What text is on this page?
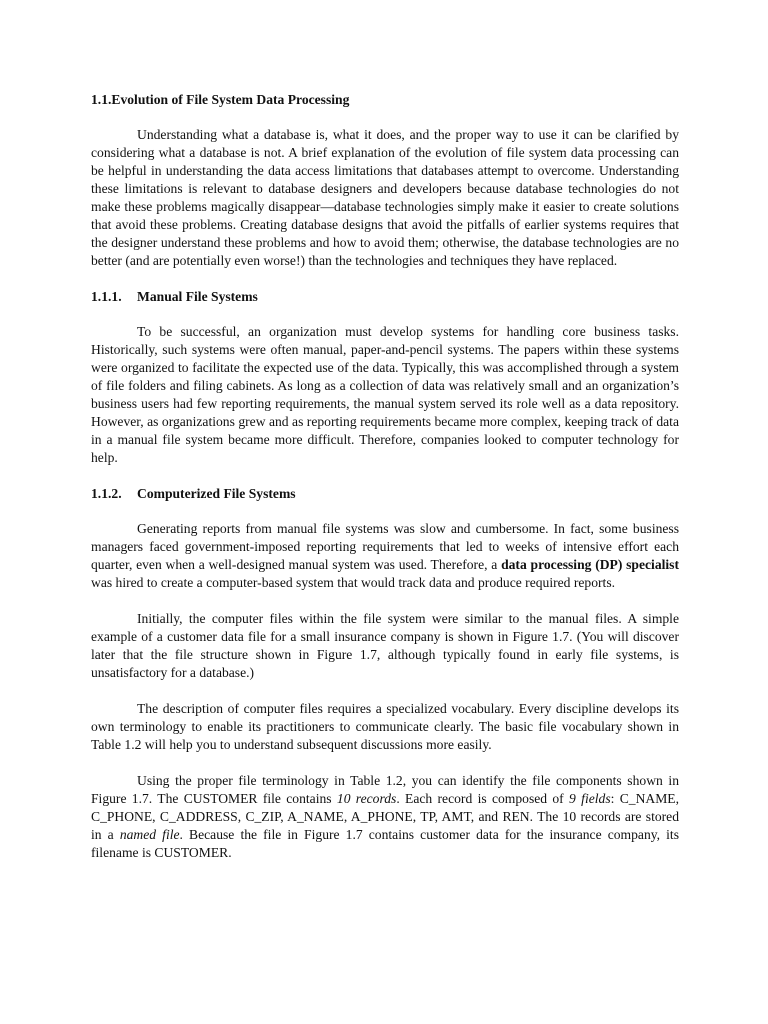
1.1.Evolution of File System Data Processing

Understanding what a database is, what it does, and the proper way to use it can be clarified by considering what a database is not. A brief explanation of the evolution of file system data processing can be helpful in understanding the data access limitations that databases attempt to overcome. Understanding these limitations is relevant to database designers and developers because database technologies do not make these problems magically disappear—database technologies simply make it easier to create solutions that avoid these problems. Creating database designs that avoid the pitfalls of earlier systems requires that the designer understand these problems and how to avoid them; otherwise, the database technologies are no better (and are potentially even worse!) than the technologies and techniques they have replaced.

1.1.1. Manual File Systems

To be successful, an organization must develop systems for handling core business tasks. Historically, such systems were often manual, paper-and-pencil systems. The papers within these systems were organized to facilitate the expected use of the data. Typically, this was accomplished through a system of file folders and filing cabinets. As long as a collection of data was relatively small and an organization’s business users had few reporting requirements, the manual system served its role well as a data repository. However, as organizations grew and as reporting requirements became more complex, keeping track of data in a manual file system became more difficult. Therefore, companies looked to computer technology for help.

1.1.2. Computerized File Systems

Generating reports from manual file systems was slow and cumbersome. In fact, some business managers faced government-imposed reporting requirements that led to weeks of intensive effort each quarter, even when a well-designed manual system was used. Therefore, a data processing (DP) specialist was hired to create a computer-based system that would track data and produce required reports.

Initially, the computer files within the file system were similar to the manual files. A simple example of a customer data file for a small insurance company is shown in Figure 1.7. (You will discover later that the file structure shown in Figure 1.7, although typically found in early file systems, is unsatisfactory for a database.)

The description of computer files requires a specialized vocabulary. Every discipline develops its own terminology to enable its practitioners to communicate clearly. The basic file vocabulary shown in Table 1.2 will help you to understand subsequent discussions more easily.

Using the proper file terminology in Table 1.2, you can identify the file components shown in Figure 1.7. The CUSTOMER file contains 10 records. Each record is composed of 9 fields: C_NAME, C_PHONE, C_ADDRESS, C_ZIP, A_NAME, A_PHONE, TP, AMT, and REN. The 10 records are stored in a named file. Because the file in Figure 1.7 contains customer data for the insurance company, its filename is CUSTOMER.
